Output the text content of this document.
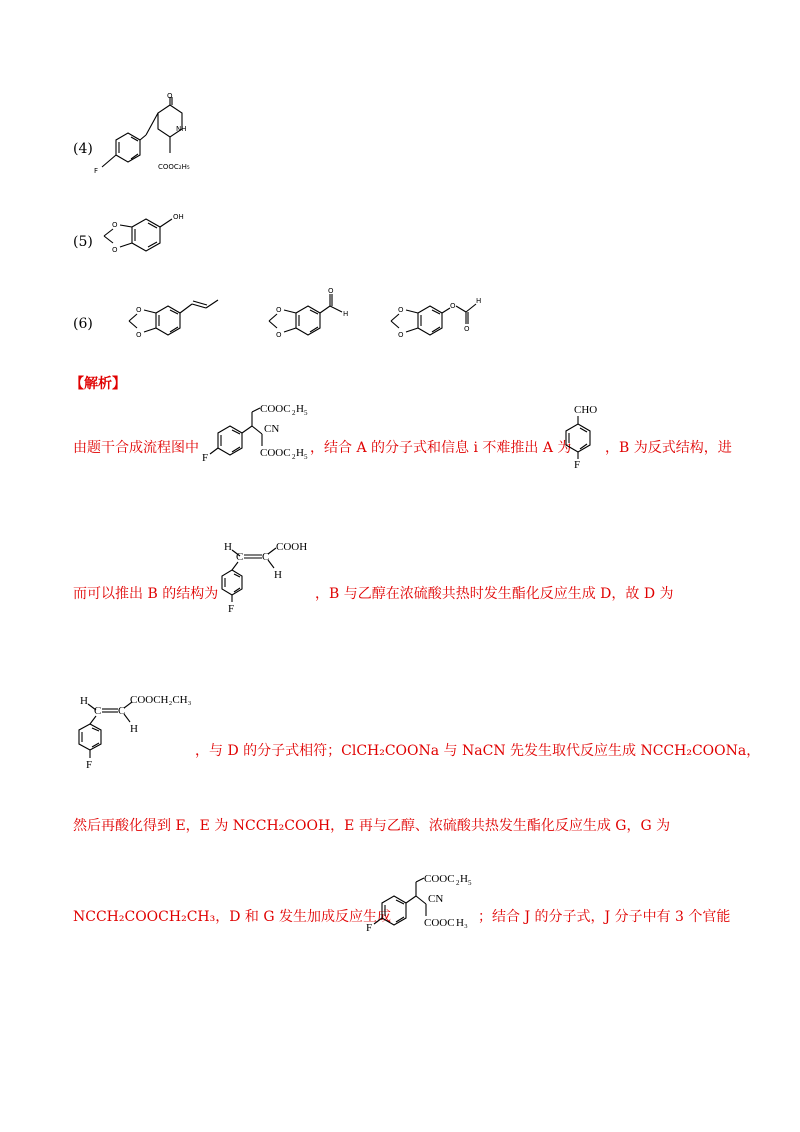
(4)
O
NH
COOC₂H₅
F
(5)
O
O
OH
(6)
O
O
O
O
O
H	O
O
O
O
H
【解析】
由题干合成流程图中
F
COOC 2 H 5
CN
COOC 2 H 5
，结合 A 的分子式和信息 i 不难推出 A 为
CHO
F
，B 为反式结构，进
而可以推出 B 的结构为
H
C C
COOH
H
F
，B 与乙醇在浓硫酸共热时发生酯化反应生成 D，故 D 为
H
C C
COOCH₂CH₃
H
F
，与 D 的分子式相符；ClCH₂COONa 与 NaCN 先发生取代反应生成 NCCH₂COONa，
然后再酸化得到 E，E 为 NCCH₂COOH，E 再与乙醇、浓硫酸共热发生酯化反应生成 G，G 为
NCCH₂COOCH₂CH₃，D 和 G 发生加成反应生成
F
COOC 2 H 5
CN
COOC H₃ ；结合 J 的分子式，J 分子中有 3 个官能
